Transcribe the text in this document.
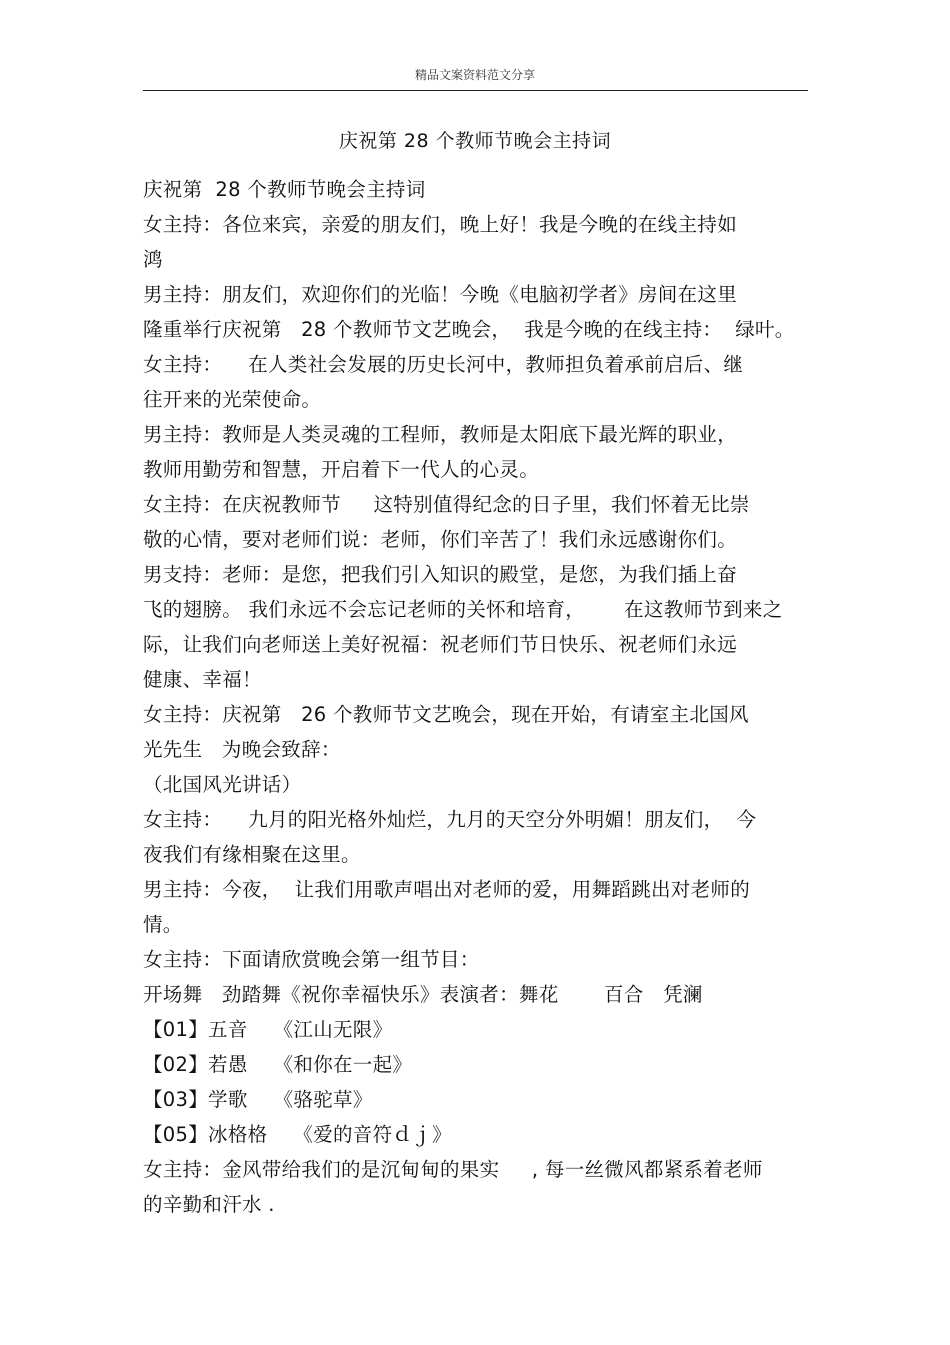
精品文案资料范文分享
庆祝第 28 个教师节晚会主持词
庆祝第  28 个教师节晚会主持词
女主持：各位来宾，亲爱的朋友们，晚上好！我是今晚的在线主持如
鸿
男主持：朋友们，欢迎你们的光临！今晚《电脑初学者》房间在这里
隆重举行庆祝第   28 个教师节文艺晚会，  我是今晚的在线主持：  绿叶。
女主持：    在人类社会发展的历史长河中，教师担负着承前启后、继
往开来的光荣使命。
男主持：教师是人类灵魂的工程师，教师是太阳底下最光辉的职业，
教师用勤劳和智慧，开启着下一代人的心灵。
女主持：在庆祝教师节     这特别值得纪念的日子里，我们怀着无比崇
敬的心情，要对老师们说：老师，你们辛苦了！我们永远感谢你们。
男支持：老师：是您，把我们引入知识的殿堂，是您，为我们插上奋
飞的翅膀。 我们永远不会忘记老师的关怀和培育，      在这教师节到来之
际，让我们向老师送上美好祝福：祝老师们节日快乐、祝老师们永远
健康、幸福！
女主持：庆祝第   26 个教师节文艺晚会，现在开始，有请室主北国风
光先生   为晚会致辞：
（北国风光讲话）
女主持：    九月的阳光格外灿烂，九月的天空分外明媚！朋友们，  今
夜我们有缘相聚在这里。
男主持：今夜，  让我们用歌声唱出对老师的爱，用舞蹈跳出对老师的
情。
女主持：下面请欣赏晚会第一组节目：
开场舞   劲踏舞《祝你幸福快乐》表演者：舞花       百合   凭澜
【01】五音    《江山无限》
【02】若愚    《和你在一起》
【03】学歌    《骆驼草》
【05】冰格格    《爱的音符ｄｊ》
女主持：金风带给我们的是沉甸甸的果实     , 每一丝微风都紧系着老师
的辛勤和汗水 .
